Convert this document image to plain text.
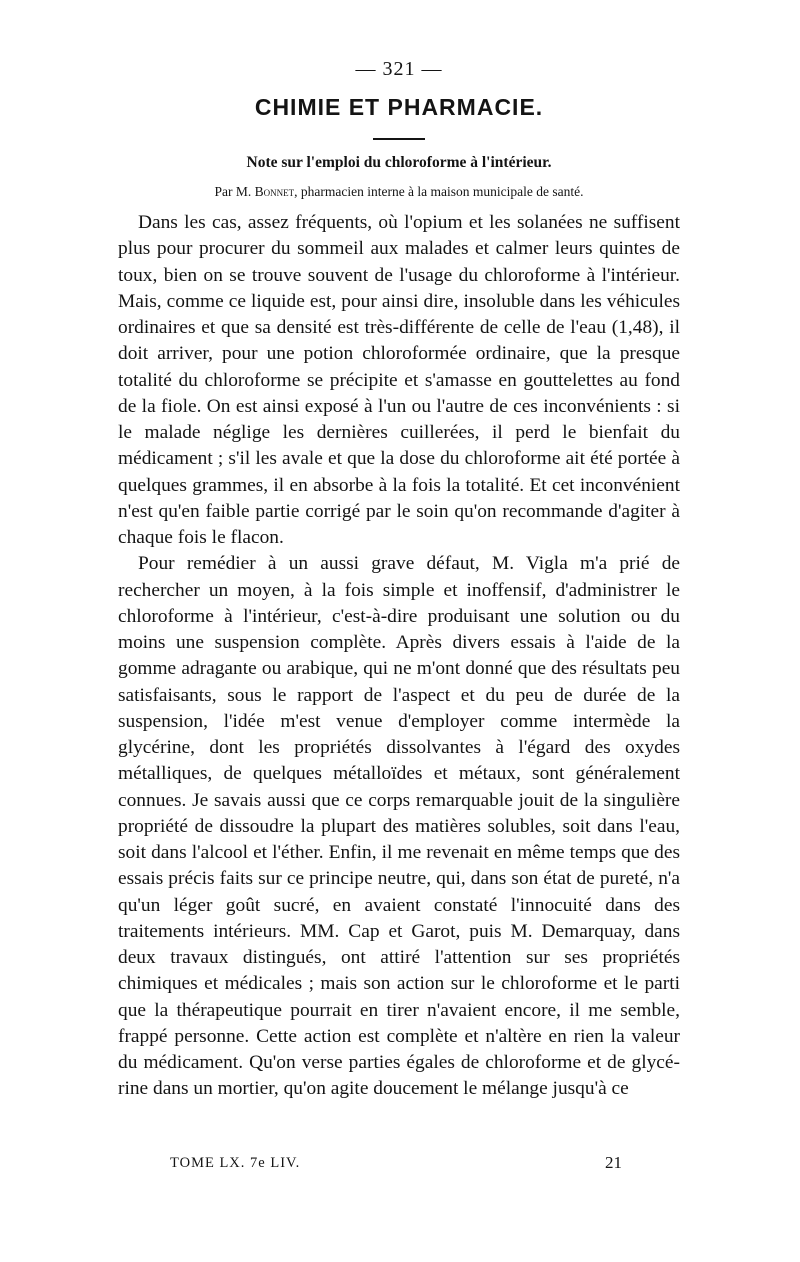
— 321 —
CHIMIE ET PHARMACIE.
Note sur l'emploi du chloroforme à l'intérieur.
Par M. Bonnet, pharmacien interne à la maison municipale de santé.

Dans les cas, assez fréquents, où l'opium et les solanées ne suffisent plus pour procurer du sommeil aux malades et calmer leurs quintes de toux, bien on se trouve souvent de l'usage du chloroforme à l'intérieur. Mais, comme ce liquide est, pour ainsi dire, insoluble dans les véhicules ordinaires et que sa densité est très-différente de celle de l'eau (1,48), il doit arriver, pour une potion chloroformée ordinaire, que la presque totalité du chloroforme se précipite et s'amasse en gouttelettes au fond de la fiole. On est ainsi exposé à l'un ou l'autre de ces inconvénients : si le malade néglige les dernières cuillerées, il perd le bienfait du médicament ; s'il les avale et que la dose du chloroforme ait été portée à quelques grammes, il en absorbe à la fois la totalité. Et cet inconvénient n'est qu'en faible partie corrigé par le soin qu'on recommande d'agiter à chaque fois le flacon.

Pour remédier à un aussi grave défaut, M. Vigla m'a prié de rechercher un moyen, à la fois simple et inoffensif, d'administrer le chloroforme à l'intérieur, c'est-à-dire produisant une solution ou du moins une suspension complète. Après divers essais à l'aide de la gomme adragante ou arabique, qui ne m'ont donné que des résultats peu satisfaisants, sous le rapport de l'aspect et du peu de durée de la suspension, l'idée m'est venue d'employer comme intermède la glycérine, dont les propriétés dissolvantes à l'égard des oxydes métalliques, de quelques métalloïdes et métaux, sont généralement connues. Je savais aussi que ce corps remarquable jouit de la singulière propriété de dissoudre la plupart des matières solubles, soit dans l'eau, soit dans l'alcool et l'éther. Enfin, il me revenait en même temps que des essais précis faits sur ce principe neutre, qui, dans son état de pureté, n'a qu'un léger goût sucré, en avaient constaté l'innocuité dans des traitements intérieurs. MM. Cap et Garot, puis M. Demarquay, dans deux travaux distingués, ont attiré l'attention sur ses propriétés chimiques et médicales ; mais son action sur le chloroforme et le parti que la thérapeutique pourrait en tirer n'avaient encore, il me semble, frappé personne. Cette action est complète et n'altère en rien la valeur du médicament. Qu'on verse parties égales de chloroforme et de glycérine dans un mortier, qu'on agite doucement le mélange jusqu'à ce

TOME LX. 7e LIV.	21
